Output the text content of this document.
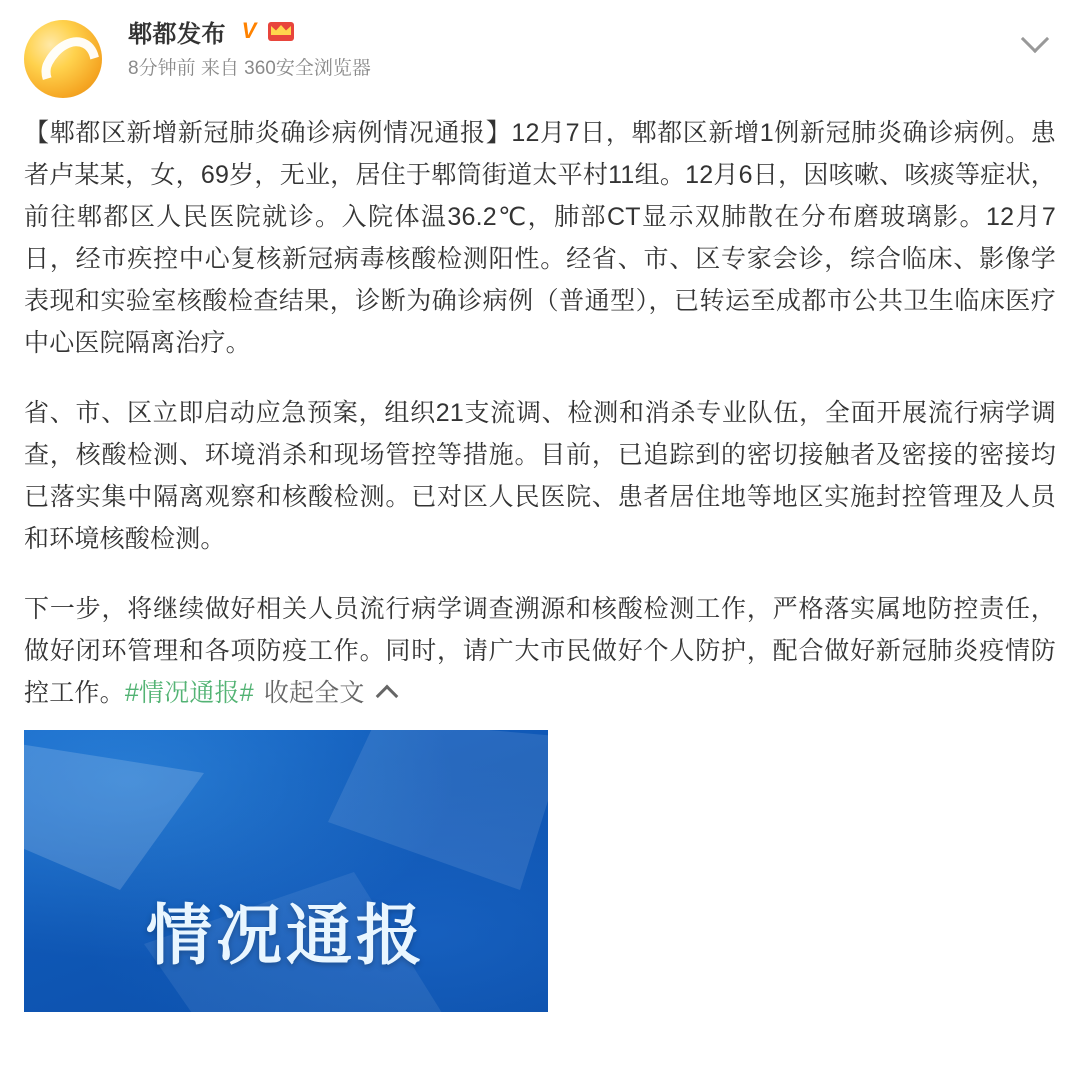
郫都发布 V
8分钟前 来自 360安全浏览器

【郫都区新增新冠肺炎确诊病例情况通报】12月7日，郫都区新增1例新冠肺炎确诊病例。患者卢某某，女，69岁，无业，居住于郫筒街道太平村11组。12月6日，因咳嗽、咳痰等症状，前往郫都区人民医院就诊。入院体温36.2℃，肺部CT显示双肺散在分布磨玻璃影。12月7日，经市疾控中心复核新冠病毒核酸检测阳性。经省、市、区专家会诊，综合临床、影像学表现和实验室核酸检查结果，诊断为确诊病例（普通型），已转运至成都市公共卫生临床医疗中心医院隔离治疗。

省、市、区立即启动应急预案，组织21支流调、检测和消杀专业队伍，全面开展流行病学调查，核酸检测、环境消杀和现场管控等措施。目前，已追踪到的密切接触者及密接的密接均已落实集中隔离观察和核酸检测。已对区人民医院、患者居住地等地区实施封控管理及人员和环境核酸检测。

下一步，将继续做好相关人员流行病学调查溯源和核酸检测工作，严格落实属地防控责任，做好闭环管理和各项防疫工作。同时，请广大市民做好个人防护，配合做好新冠肺炎疫情防控工作。#情况通报# 收起全文

情况通报
